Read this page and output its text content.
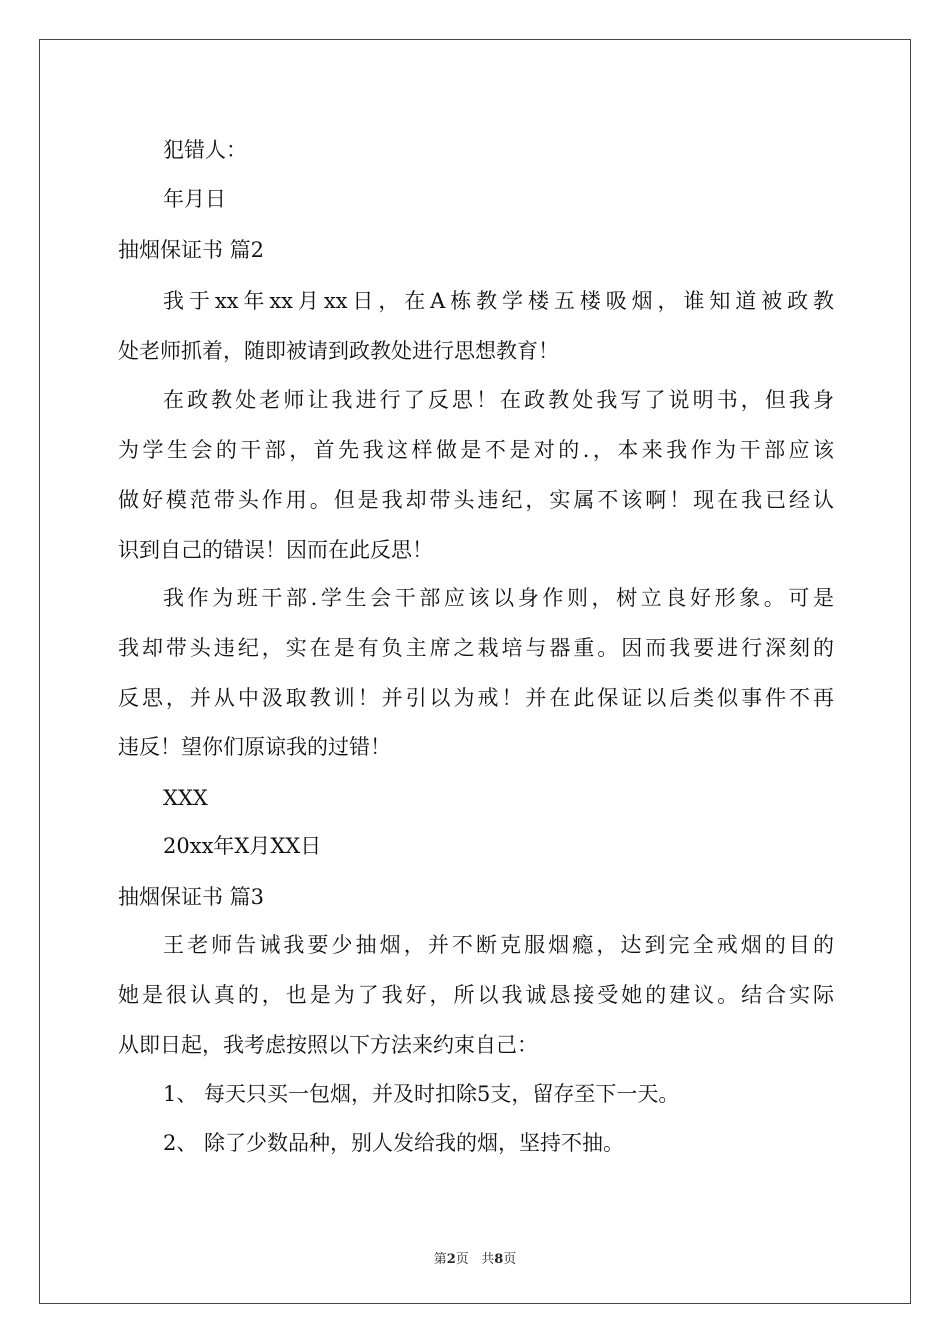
犯错人：
年月日
抽烟保证书 篇2
我于xx年xx月xx日，在A栋教学楼五楼吸烟，谁知道被政教
处老师抓着，随即被请到政教处进行思想教育！
在政教处老师让我进行了反思！在政教处我写了说明书，但我身
为学生会的干部，首先我这样做是不是对的.，本来我作为干部应该
做好模范带头作用。但是我却带头违纪，实属不该啊！现在我已经认
识到自己的错误！因而在此反思！
我作为班干部.学生会干部应该以身作则，树立良好形象。可是
我却带头违纪，实在是有负主席之栽培与器重。因而我要进行深刻的
反思，并从中汲取教训！并引以为戒！并在此保证以后类似事件不再
违反！望你们原谅我的过错！
XXX
20xx年X月XX日
抽烟保证书 篇3
王老师告诫我要少抽烟，并不断克服烟瘾，达到完全戒烟的目的
她是很认真的，也是为了我好，所以我诚恳接受她的建议。结合实际
从即日起，我考虑按照以下方法来约束自己：
1、 每天只买一包烟，并及时扣除5支，留存至下一天。
2、 除了少数品种，别人发给我的烟，坚持不抽。
第2页 共8页
